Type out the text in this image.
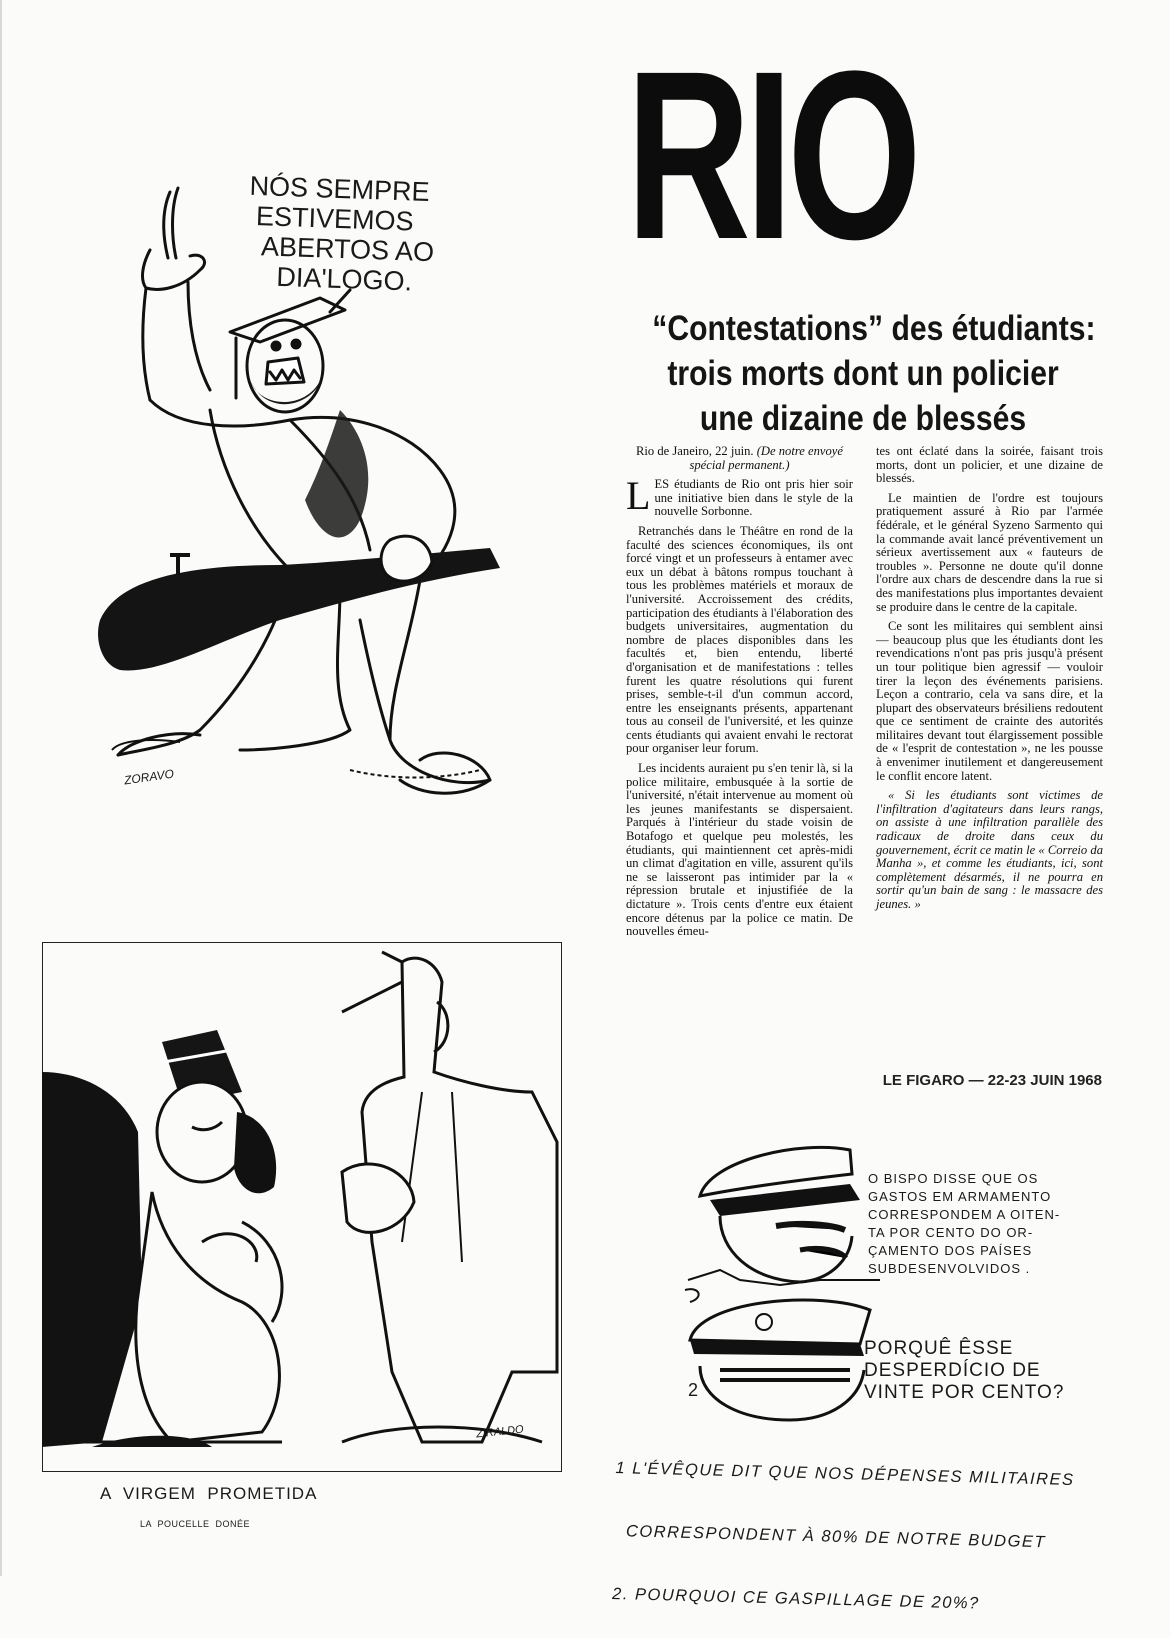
NÓS SEMPRE
ESTIVEMOS
ABERTOS AO
DIA'LOGO.
ZORAVO
RIO
“Contestations” des étudiants:
trois morts dont un policier
une dizaine de blessés

Rio de Janeiro, 22 juin. (De notre envoyé spécial permanent.)

LES étudiants de Rio ont pris hier soir une initiative bien dans le style de la nouvelle Sorbonne.

Retranchés dans le Théâtre en rond de la faculté des sciences économiques, ils ont forcé vingt et un professeurs à entamer avec eux un débat à bâtons rompus touchant à tous les problèmes matériels et moraux de l'université. Accroissement des crédits, participation des étudiants à l'élaboration des budgets universitaires, augmentation du nombre de places disponibles dans les facultés et, bien entendu, liberté d'organisation et de manifestations : telles furent les quatre résolutions qui furent prises, semble-t-il d'un commun accord, entre les enseignants présents, appartenant tous au conseil de l'université, et les quinze cents étudiants qui avaient envahi le rectorat pour organiser leur forum.

Les incidents auraient pu s'en tenir là, si la police militaire, embusquée à la sortie de l'université, n'était intervenue au moment où les jeunes manifestants se dispersaient. Parqués à l'intérieur du stade voisin de Botafogo et quelque peu molestés, les étudiants, qui maintiennent cet après-midi un climat d'agitation en ville, assurent qu'ils ne se laisseront pas intimider par la « répression brutale et injustifiée de la dictature ». Trois cents d'entre eux étaient encore détenus par la police ce matin. De nouvelles émeu-

tes ont éclaté dans la soirée, faisant trois morts, dont un policier, et une dizaine de blessés.

Le maintien de l'ordre est toujours pratiquement assuré à Rio par l'armée fédérale, et le général Syzeno Sarmento qui la commande avait lancé préventivement un sérieux avertissement aux « fauteurs de troubles ». Personne ne doute qu'il donne l'ordre aux chars de descendre dans la rue si des manifestations plus importantes devaient se produire dans le centre de la capitale.

Ce sont les militaires qui semblent ainsi — beaucoup plus que les étudiants dont les revendications n'ont pas pris jusqu'à présent un tour politique bien agressif — vouloir tirer la leçon des événements parisiens. Leçon a contrario, cela va sans dire, et la plupart des observateurs brésiliens redoutent que ce sentiment de crainte des autorités militaires devant tout élargissement possible de « l'esprit de contestation », ne les pousse à envenimer inutilement et dangereusement le conflit encore latent.

« Si les étudiants sont victimes de l'infiltration d'agitateurs dans leurs rangs, on assiste à une infiltration parallèle des radicaux de droite dans ceux du gouvernement, écrit ce matin le « Correio da Manha », et comme les étudiants, ici, sont complètement désarmés, il ne pourra en sortir qu'un bain de sang : le massacre des jeunes. »

LE FIGARO — 22-23 JUIN 1968
ZIRALDO
A  VIRGEM  PROMETIDA
LA  POUCELLE  DONÉE
O BISPO DISSE QUE OS
GASTOS EM ARMAMENTO
CORRESPONDEM A OITEN-
TA POR CENTO DO OR-
ÇAMENTO DOS PAÍSES
SUBDESENVOLVIDOS .
PORQUÊ ÊSSE
DESPERDÍCIO DE
VINTE POR CENTO?
2

1 L'ÉVÊQUE DIT QUE NOS DÉPENSES MILITAIRES

CORRESPONDENT À 80% DE NOTRE BUDGET

2. POURQUOI CE GASPILLAGE DE 20%?
